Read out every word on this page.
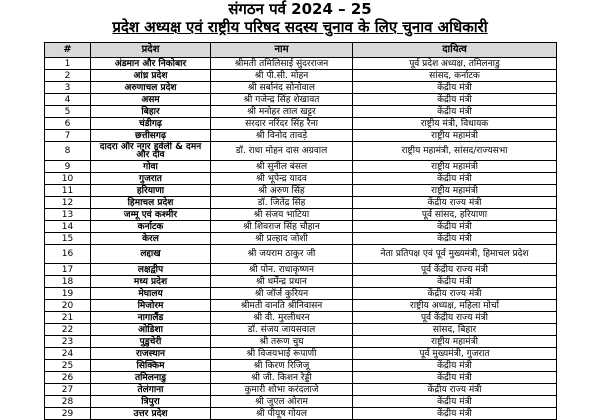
संगठन पर्व 2024 – 25
प्रदेश अध्यक्ष एवं राष्ट्रीय परिषद सदस्य चुनाव के लिए चुनाव अधिकारी
#	प्रदेश	नाम	दायित्व
1	अंडमान और निकोबार	श्रीमती तमिलिसाई सुंदरराजन	पूर्व प्रदेश अध्यक्ष, तमिलनाडु
2	आंध्र प्रदेश	श्री पी.सी. मोहन	सांसद, कर्नाटक
3	अरुणाचल प्रदेश	श्री सर्बानंद सोनोवाल	केंद्रीय मंत्री
4	असम	श्री गजेन्द्र सिंह शेखावत	केंद्रीय मंत्री
5	बिहार	श्री मनोहर लाल खट्टर	केंद्रीय मंत्री
6	चंडीगढ़	सरदार नरिंदर सिंह रैना	राष्ट्रीय मंत्री, विधायक
7	छत्तीसगढ़	श्री विनोद तावड़े	राष्ट्रीय महामंत्री
8	दादरा और नगर हवेली & दमन और दीव	डॉ. राधा मोहन दास अग्रवाल	राष्ट्रीय महामंत्री, सांसद/राज्यसभा
9	गोवा	श्री सुनील बंसल	राष्ट्रीय महामंत्री
10	गुजरात	श्री भूपेन्द्र यादव	केंद्रीय मंत्री
11	हरियाणा	श्री अरुण सिंह	राष्ट्रीय महामंत्री
12	हिमाचल प्रदेश	डॉ. जितेंद्र सिंह	केंद्रीय राज्य मंत्री
13	जम्मू एवं कश्मीर	श्री संजय भाटिया	पूर्व सांसद, हरियाणा
14	कर्नाटक	श्री शिवराज सिंह चौहान	केंद्रीय मंत्री
15	केरल	श्री प्रल्हाद जोशी	केंद्रीय मंत्री
16	लद्दाख	श्री जयराम ठाकुर जी	नेता प्रतिपक्ष एवं पूर्व मुख्यमंत्री, हिमाचल प्रदेश
17	लक्षद्वीप	श्री पोन. राधाकृष्णन	पूर्व केंद्रीय राज्य मंत्री
18	मध्य प्रदेश	श्री धर्मेन्द्र प्रधान	केंद्रीय मंत्री
19	मेघालय	श्री जॉर्ज कुरियन	केंद्रीय राज्य मंत्री
20	मिजोरम	श्रीमती वानति श्रीनिवासन	राष्ट्रीय अध्यक्ष, महिला मोर्चा
21	नागालैंड	श्री वी. मुरलीधरन	पूर्व केंद्रीय राज्य मंत्री
22	ओडिशा	डॉ. संजय जायसवाल	सांसद, बिहार
23	पुडुचेरी	श्री तरूण चुघ	राष्ट्रीय महामंत्री
24	राजस्थान	श्री विजयभाई रूपाणी	पूर्व मुख्यमंत्री, गुजरात
25	सिक्किम	श्री किरण रिजिजू	केंद्रीय मंत्री
26	तमिलनाडु	श्री जी. किशन रेड्डी	केंद्रीय मंत्री
27	तेलंगाना	कुमारी शोभा करंदलाजे	केंद्रीय राज्य मंत्री
28	त्रिपुरा	श्री जुएल ओराम	केंद्रीय मंत्री
29	उत्तर प्रदेश	श्री पीयूष गोयल	केंद्रीय मंत्री
